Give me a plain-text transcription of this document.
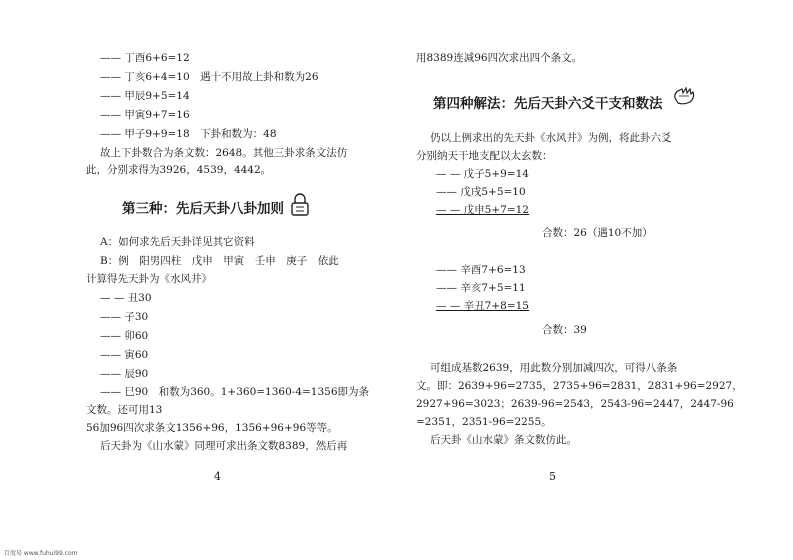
—— 丁酉6+6=12
—— 丁亥6+4=10　遇十不用故上卦和数为26
—— 甲辰9+5=14
—— 甲寅9+7=16
—— 甲子9+9=18　下卦和数为：48
故上下卦数合为条文数：2648。其他三卦求条文法仿
此，分别求得为3926，4539，4442。
第三种：先后天卦八卦加则
A：如何求先后天卦详见其它资料
B：例　阳男四柱　戊申　甲寅　壬申　庚子　依此
计算得先天卦为《水风井》
— — 丑30
—— 子30
—— 卯60
—— 寅60
—— 辰90
—— 巳90　和数为360。1+360=1360-4=1356即为条
文数。还可用13
56加96四次求条文1356+96，1356+96+96等等。
后天卦为《山水蒙》同理可求出条文数8389，然后再
4
用8389连减96四次求出四个条文。
第四种解法：先后天卦六爻干支和数法
仍以上例求出的先天卦《水风井》为例，将此卦六爻
分别纳天干地支配以太玄数：
— — 戊子5+9=14
—— 戊戌5+5=10
— — 戊申5+7=12
合数：26（遇10不加）
—— 辛酉7+6=13
—— 辛亥7+5=11
— — 辛丑7+8=15
合数：39
可组成基数2639，用此数分别加减四次，可得八条条
文。即：2639+96=2735，2735+96=2831，2831+96=2927，
2927+96=3023；2639-96=2543，2543-96=2447，2447-96
=2351，2351-96=2255。
后天卦《山水蒙》条文数仿此。
5
百度易 www.fuhui99.com
